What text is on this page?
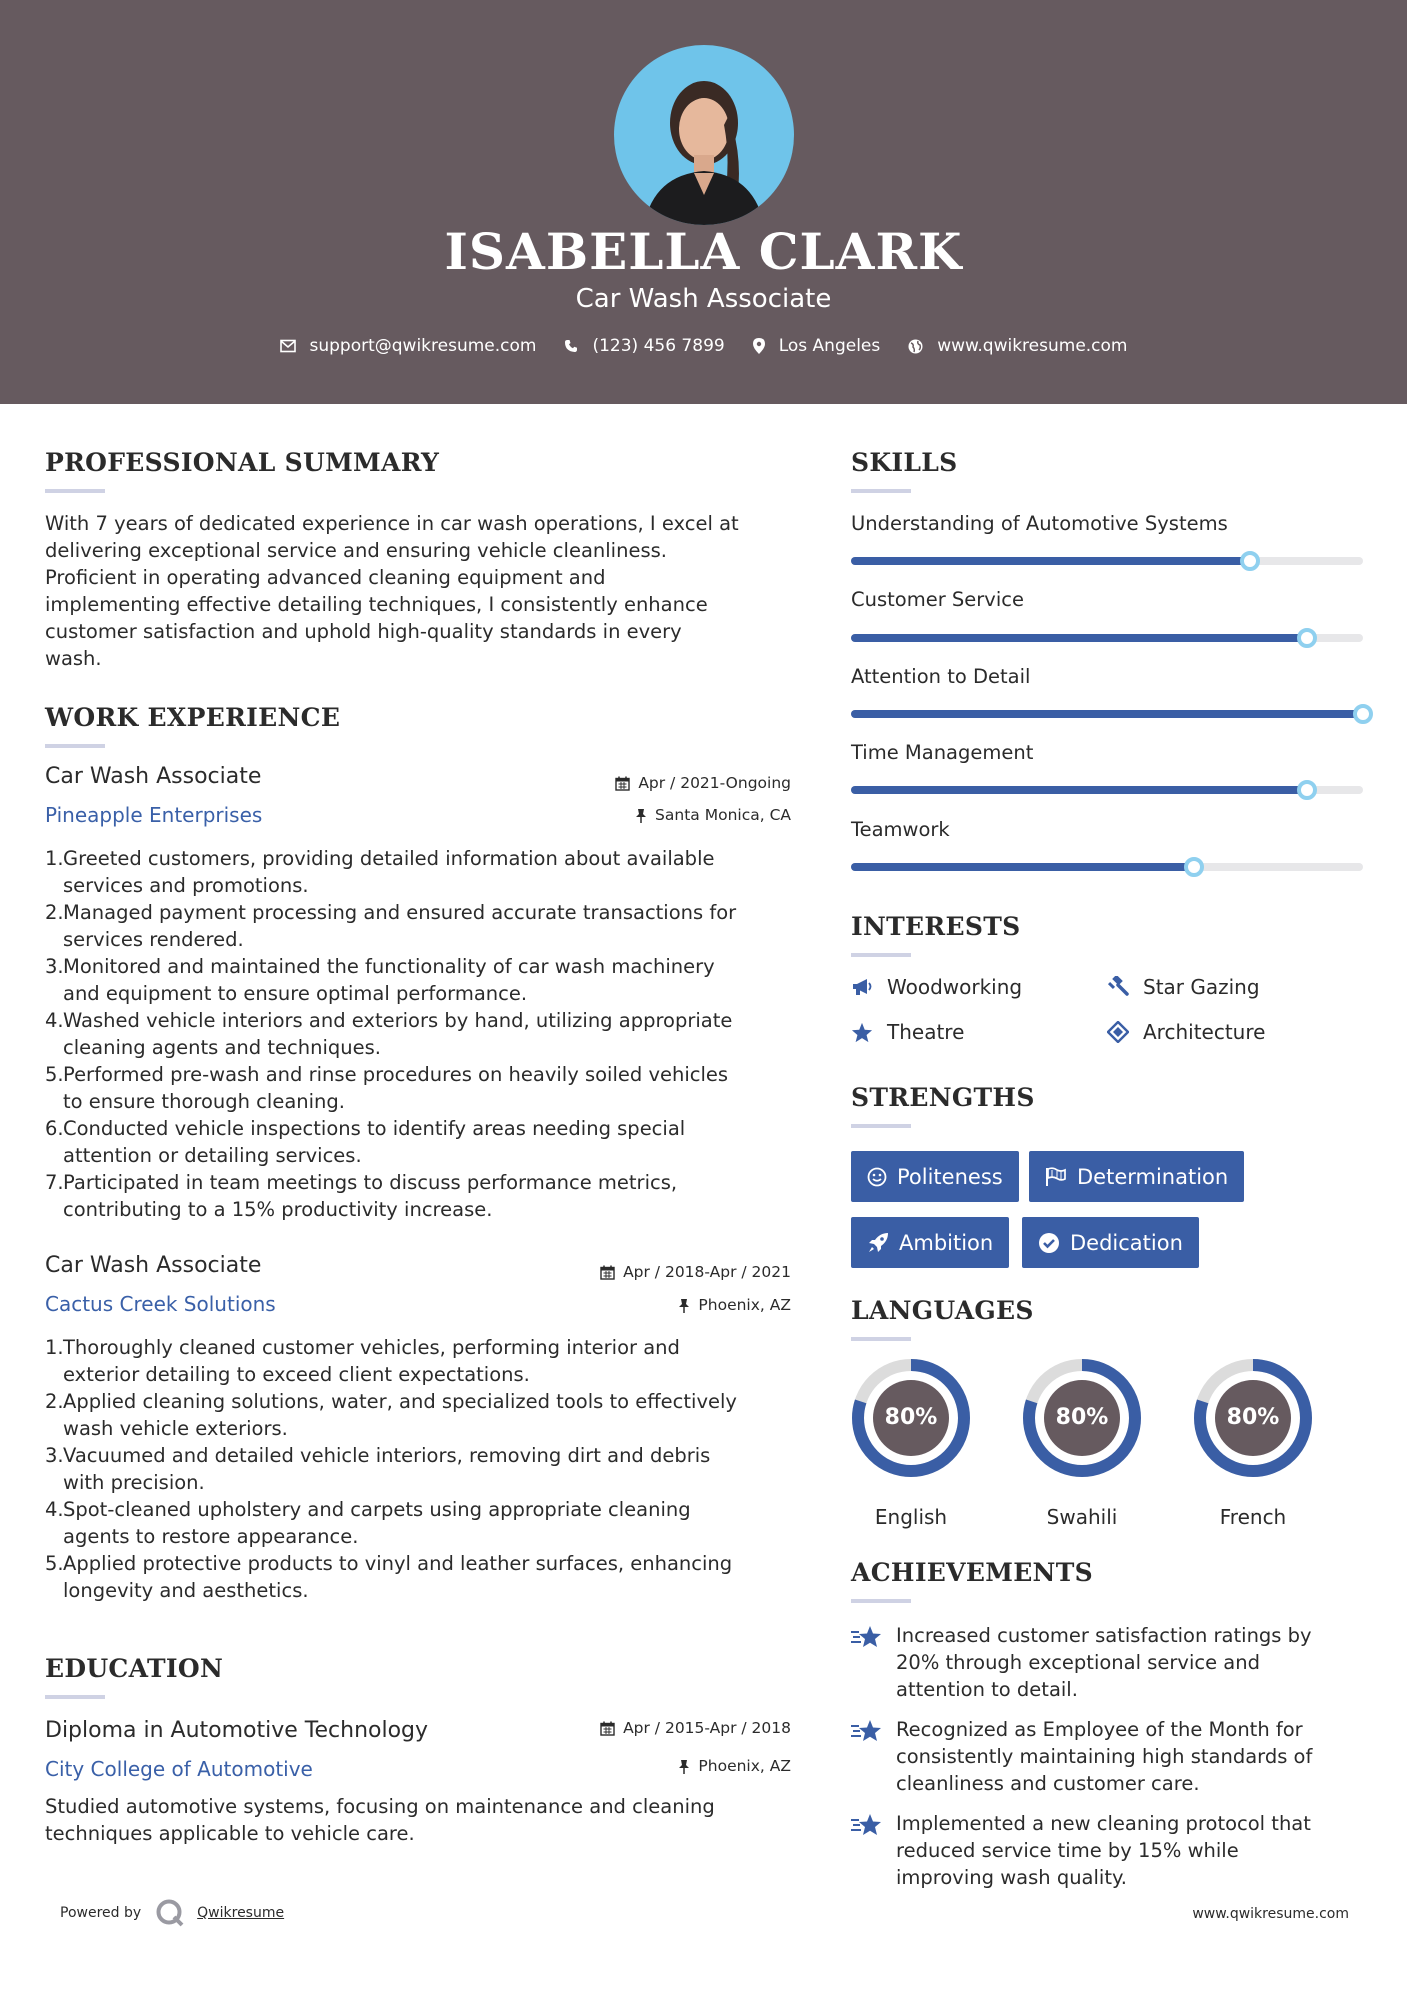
ISABELLA CLARK
Car Wash Associate
support@qwikresume.com	(123) 456 7899	Los Angeles	www.qwikresume.com
PROFESSIONAL SUMMARY
With 7 years of dedicated experience in car wash operations, I excel at
delivering exceptional service and ensuring vehicle cleanliness.
Proficient in operating advanced cleaning equipment and
implementing effective detailing techniques, I consistently enhance
customer satisfaction and uphold high-quality standards in every
wash.
WORK EXPERIENCE
Car Wash Associate
Pineapple Enterprises
Apr / 2021-Ongoing
Santa Monica, CA
1. Greeted customers, providing detailed information about available
services and promotions.
2. Managed payment processing and ensured accurate transactions for
services rendered.
3. Monitored and maintained the functionality of car wash machinery
and equipment to ensure optimal performance.
4. Washed vehicle interiors and exteriors by hand, utilizing appropriate
cleaning agents and techniques.
5. Performed pre-wash and rinse procedures on heavily soiled vehicles
to ensure thorough cleaning.
6. Conducted vehicle inspections to identify areas needing special
attention or detailing services.
7. Participated in team meetings to discuss performance metrics,
contributing to a 15% productivity increase.
Car Wash Associate
Cactus Creek Solutions
Apr / 2018-Apr / 2021
Phoenix, AZ
1. Thoroughly cleaned customer vehicles, performing interior and
exterior detailing to exceed client expectations.
2. Applied cleaning solutions, water, and specialized tools to effectively
wash vehicle exteriors.
3. Vacuumed and detailed vehicle interiors, removing dirt and debris
with precision.
4. Spot-cleaned upholstery and carpets using appropriate cleaning
agents to restore appearance.
5. Applied protective products to vinyl and leather surfaces, enhancing
longevity and aesthetics.
EDUCATION
Diploma in Automotive Technology
City College of Automotive
Apr / 2015-Apr / 2018
Phoenix, AZ
Studied automotive systems, focusing on maintenance and cleaning
techniques applicable to vehicle care.
SKILLS
Understanding of Automotive Systems
Customer Service
Attention to Detail
Time Management
Teamwork
INTERESTS
Woodworking	Star Gazing
Theatre	Architecture
STRENGTHS
Politeness	Determination
Ambition	Dedication
LANGUAGES
80%
English
80%
Swahili
80%
French
ACHIEVEMENTS
Increased customer satisfaction ratings by
20% through exceptional service and
attention to detail.
Recognized as Employee of the Month for
consistently maintaining high standards of
cleanliness and customer care.
Implemented a new cleaning protocol that
reduced service time by 15% while
improving wash quality.
Powered by	Qwikresume	www.qwikresume.com
